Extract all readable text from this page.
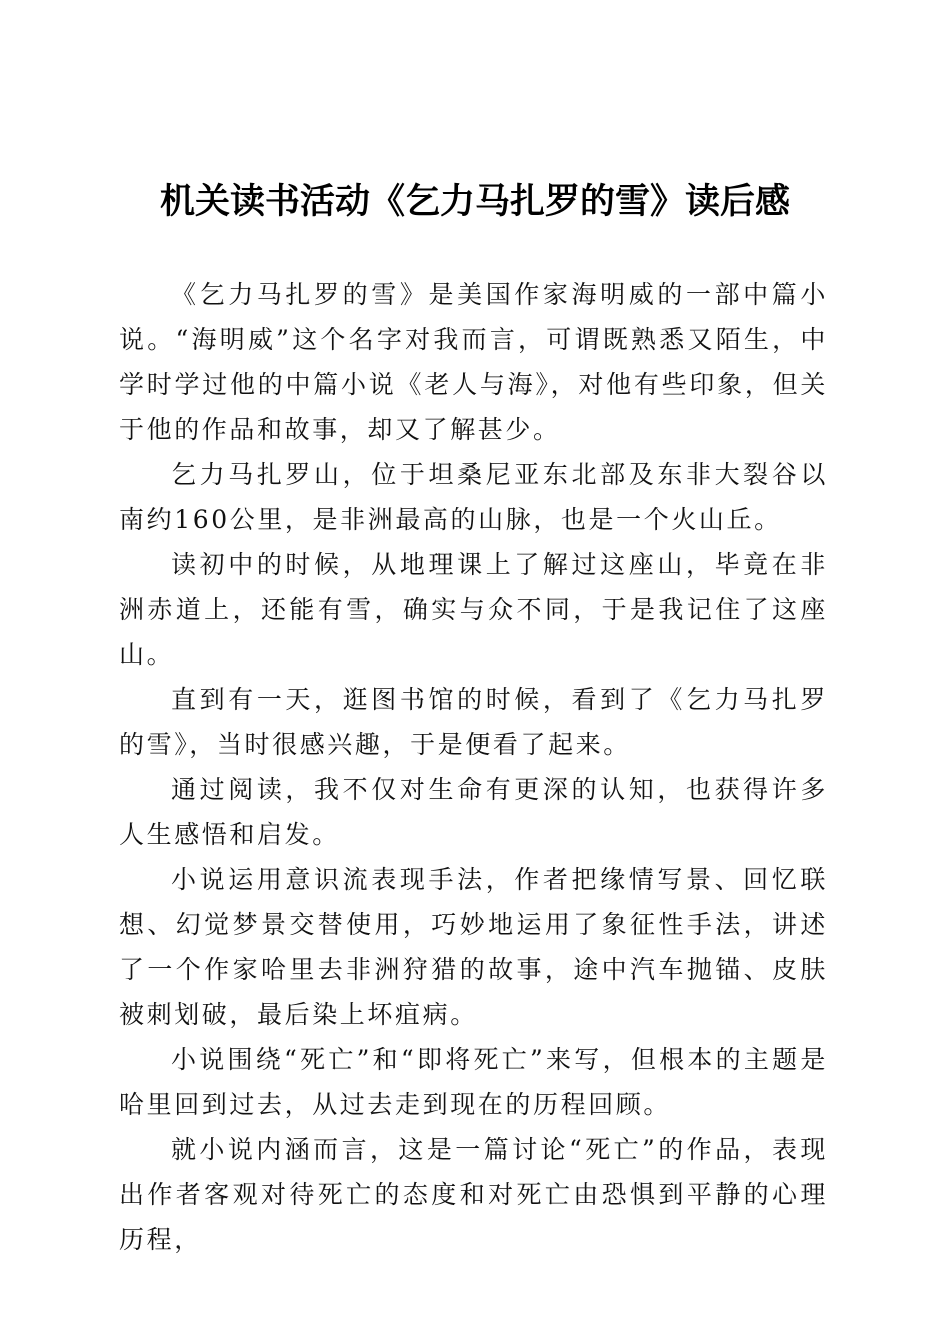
机关读书活动《乞力马扎罗的雪》读后感

《乞力马扎罗的雪》是美国作家海明威的一部中篇小说。“海明威”这个名字对我而言，可谓既熟悉又陌生，中学时学过他的中篇小说《老人与海》，对他有些印象，但关于他的作品和故事，却又了解甚少。

乞力马扎罗山，位于坦桑尼亚东北部及东非大裂谷以南约160公里，是非洲最高的山脉，也是一个火山丘。

读初中的时候，从地理课上了解过这座山，毕竟在非洲赤道上，还能有雪，确实与众不同，于是我记住了这座山。

直到有一天，逛图书馆的时候，看到了《乞力马扎罗的雪》，当时很感兴趣，于是便看了起来。

通过阅读，我不仅对生命有更深的认知，也获得许多人生感悟和启发。

小说运用意识流表现手法，作者把缘情写景、回忆联想、幻觉梦景交替使用，巧妙地运用了象征性手法，讲述了一个作家哈里去非洲狩猎的故事，途中汽车抛锚、皮肤被刺划破，最后染上坏疽病。

小说围绕“死亡”和“即将死亡”来写，但根本的主题是哈里回到过去，从过去走到现在的历程回顾。

就小说内涵而言，这是一篇讨论“死亡”的作品，表现出作者客观对待死亡的态度和对死亡由恐惧到平静的心理历程，
